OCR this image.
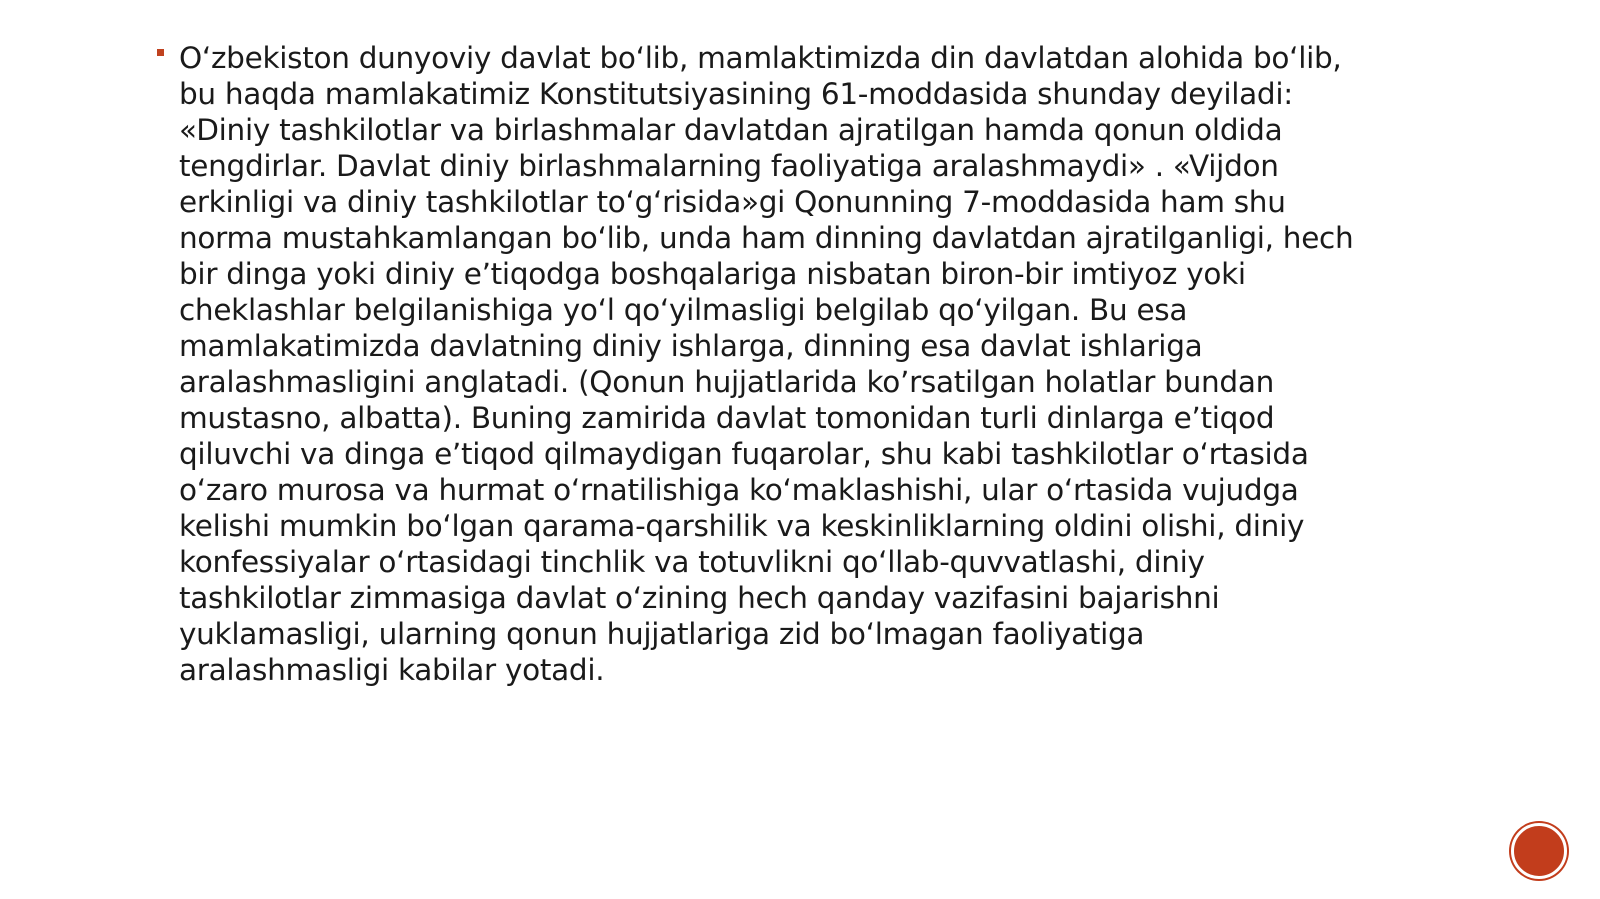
O‘zbekiston dunyoviy davlat bo‘lib, mamlaktimizda din davlatdan alohida bo‘lib,
bu haqda mamlakatimiz Konstitutsiyasining 61-moddasida shunday deyiladi:
«Diniy tashkilotlar va birlashmalar davlatdan ajratilgan hamda qonun oldida
tengdirlar. Davlat diniy birlashmalarning faoliyatiga aralashmaydi» . «Vijdon
erkinligi va diniy tashkilotlar to‘g‘risida»gi Qonunning 7-moddasida ham shu
norma mustahkamlangan bo‘lib, unda ham dinning davlatdan ajratilganligi, hech
bir dinga yoki diniy e’tiqodga boshqalariga nisbatan biron-bir imtiyoz yoki
cheklashlar belgilanishiga yo‘l qo‘yilmasligi belgilab qo‘yilgan. Bu esa
mamlakatimizda davlatning diniy ishlarga, dinning esa davlat ishlariga
aralashmasligini anglatadi. (Qonun hujjatlarida ko’rsatilgan holatlar bundan
mustasno, albatta). Buning zamirida davlat tomonidan turli dinlarga e’tiqod
qiluvchi va dinga e’tiqod qilmaydigan fuqarolar, shu kabi tashkilotlar o‘rtasida
o‘zaro murosa va hurmat o‘rnatilishiga ko‘maklashishi, ular o‘rtasida vujudga
kelishi mumkin bo‘lgan qarama-qarshilik va keskinliklarning oldini olishi, diniy
konfessiyalar o‘rtasidagi tinchlik va totuvlikni qo‘llab-quvvatlashi, diniy
tashkilotlar zimmasiga davlat o‘zining hech qanday vazifasini bajarishni
yuklamasligi, ularning qonun hujjatlariga zid bo‘lmagan faoliyatiga
aralashmasligi kabilar yotadi.
